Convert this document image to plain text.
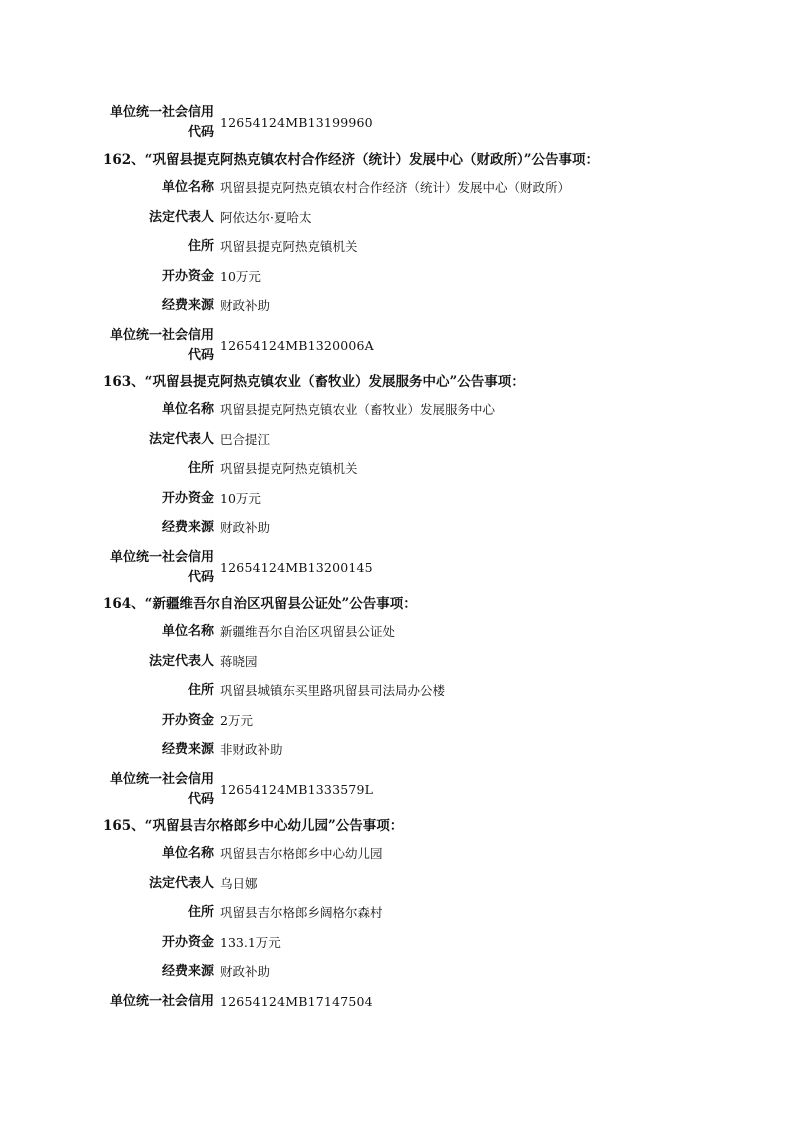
单位统一社会信用
代码
12654124MB13199960
162、“巩留县提克阿热克镇农村合作经济（统计）发展中心（财政所）”公告事项：
单位名称 巩留县提克阿热克镇农村合作经济（统计）发展中心（财政所）
法定代表人 阿依达尔·夏哈太
住所 巩留县提克阿热克镇机关
开办资金 10万元
经费来源 财政补助
单位统一社会信用
代码
12654124MB1320006A
163、“巩留县提克阿热克镇农业（畜牧业）发展服务中心”公告事项：
单位名称 巩留县提克阿热克镇农业（畜牧业）发展服务中心
法定代表人 巴合提江
住所 巩留县提克阿热克镇机关
开办资金 10万元
经费来源 财政补助
单位统一社会信用
代码
12654124MB13200145
164、“新疆维吾尔自治区巩留县公证处”公告事项：
单位名称 新疆维吾尔自治区巩留县公证处
法定代表人 蒋晓园
住所 巩留县城镇东买里路巩留县司法局办公楼
开办资金 2万元
经费来源 非财政补助
单位统一社会信用
代码
12654124MB1333579L
165、“巩留县吉尔格郎乡中心幼儿园”公告事项：
单位名称 巩留县吉尔格郎乡中心幼儿园
法定代表人 乌日娜
住所 巩留县吉尔格郎乡阔格尔森村
开办资金 133.1万元
经费来源 财政补助
单位统一社会信用 12654124MB17147504
